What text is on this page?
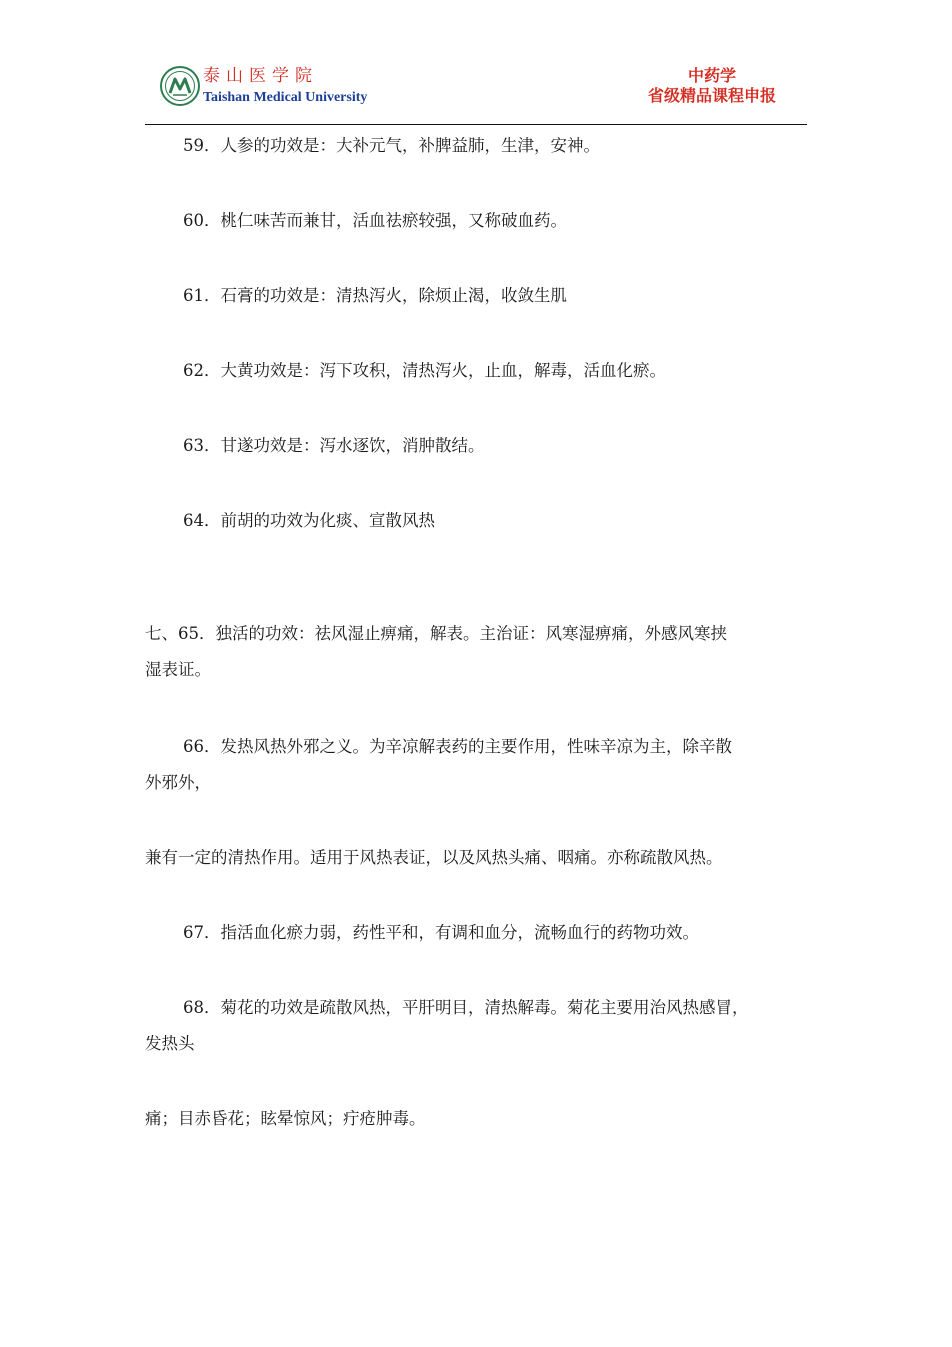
泰山医学院
Taishan Medical University
中药学
省级精品课程申报

59．人参的功效是：大补元气，补脾益肺，生津，安神。

60．桃仁味苦而兼甘，活血祛瘀较强，又称破血药。

61．石膏的功效是：清热泻火，除烦止渴，收敛生肌

62．大黄功效是：泻下攻积，清热泻火，止血，解毒，活血化瘀。

63．甘遂功效是：泻水逐饮，消肿散结。

64．前胡的功效为化痰、宣散风热

七、65．独活的功效：祛风湿止痹痛，解表。主治证：风寒湿痹痛，外感风寒挟

湿表证。

66．发热风热外邪之义。为辛凉解表药的主要作用，性味辛凉为主，除辛散

外邪外，

兼有一定的清热作用。适用于风热表证，以及风热头痛、咽痛。亦称疏散风热。

67．指活血化瘀力弱，药性平和，有调和血分，流畅血行的药物功效。

68．菊花的功效是疏散风热，平肝明目，清热解毒。菊花主要用治风热感冒，

发热头

痛；目赤昏花；眩晕惊风；疔疮肿毒。
